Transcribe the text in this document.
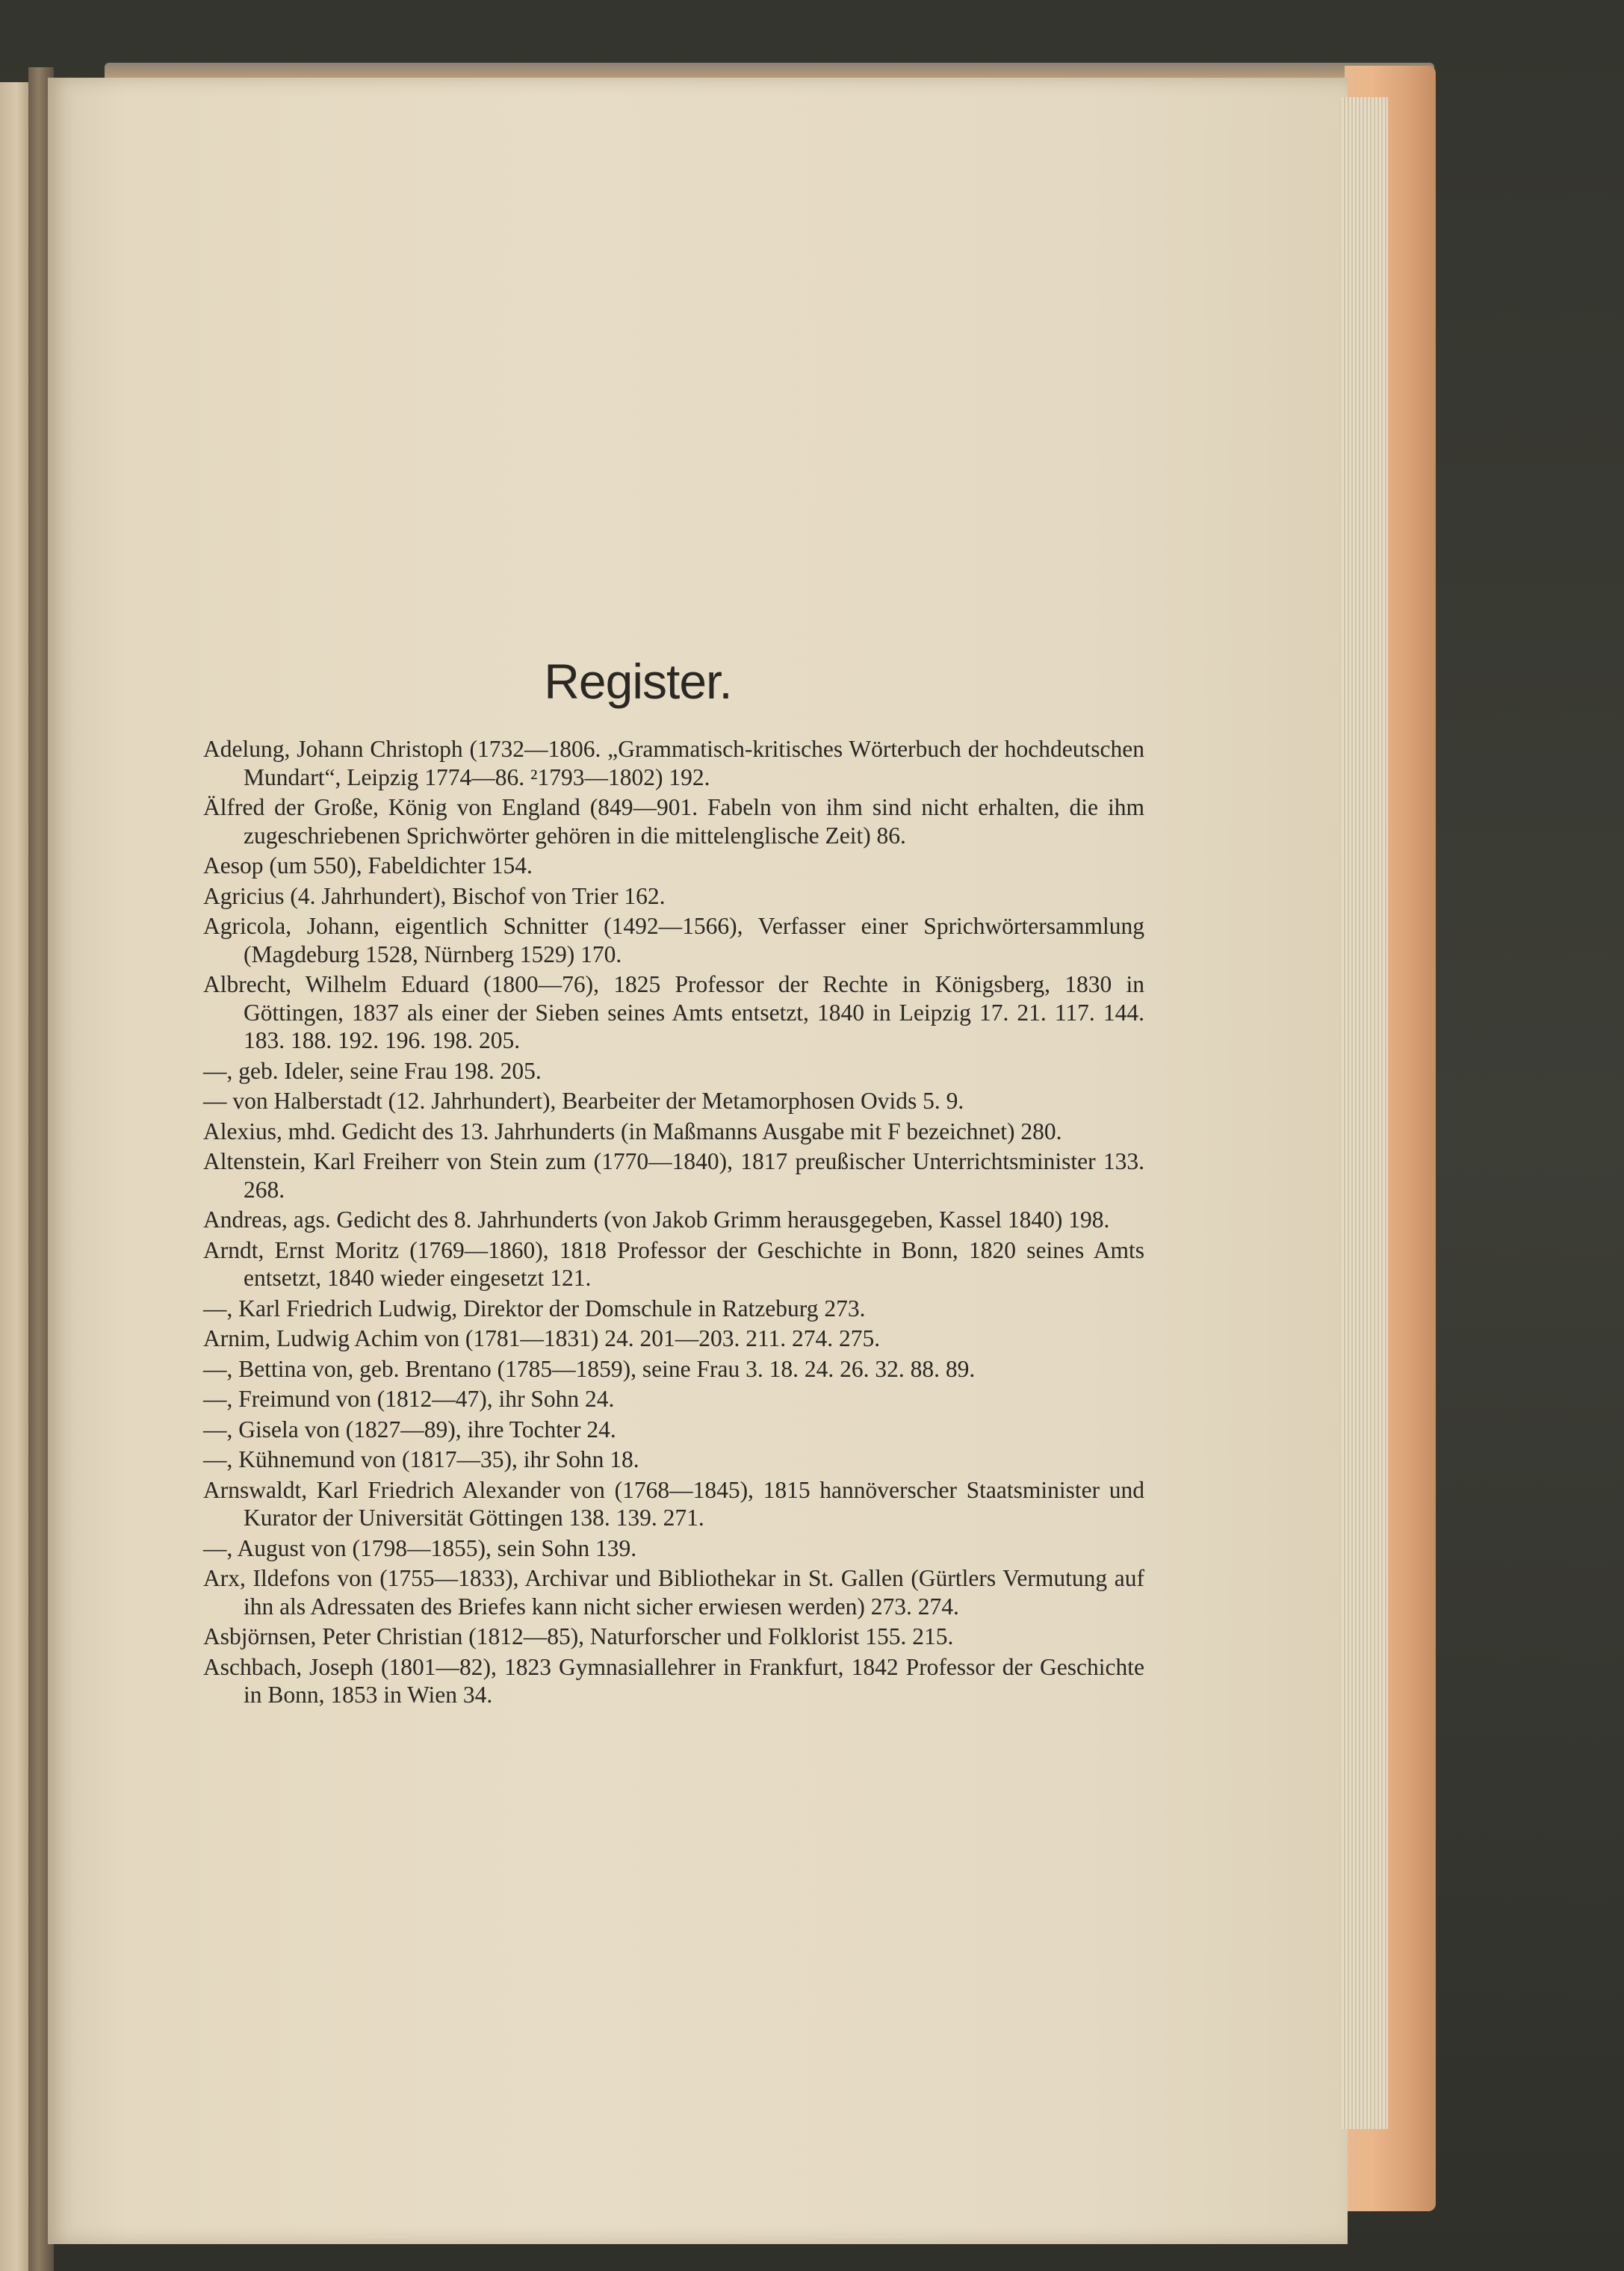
Register.
Adelung, Johann Christoph (1732—1806. „Grammatisch-kritisches Wörterbuch der hochdeutschen Mundart“, Leipzig 1774—86. ²1793—1802) 192.
Älfred der Große, König von England (849—901. Fabeln von ihm sind nicht erhalten, die ihm zugeschriebenen Sprichwörter gehören in die mittelenglische Zeit) 86.
Aesop (um 550), Fabeldichter 154.
Agricius (4. Jahrhundert), Bischof von Trier 162.
Agricola, Johann, eigentlich Schnitter (1492—1566), Verfasser einer Sprichwörtersammlung (Magdeburg 1528, Nürnberg 1529) 170.
Albrecht, Wilhelm Eduard (1800—76), 1825 Professor der Rechte in Königsberg, 1830 in Göttingen, 1837 als einer der Sieben seines Amts entsetzt, 1840 in Leipzig 17. 21. 117. 144. 183. 188. 192. 196. 198. 205.
—, geb. Ideler, seine Frau 198. 205.
— von Halberstadt (12. Jahrhundert), Bearbeiter der Metamorphosen Ovids 5. 9.
Alexius, mhd. Gedicht des 13. Jahrhunderts (in Maßmanns Ausgabe mit F bezeichnet) 280.
Altenstein, Karl Freiherr von Stein zum (1770—1840), 1817 preußischer Unterrichtsminister 133. 268.
Andreas, ags. Gedicht des 8. Jahrhunderts (von Jakob Grimm herausgegeben, Kassel 1840) 198.
Arndt, Ernst Moritz (1769—1860), 1818 Professor der Geschichte in Bonn, 1820 seines Amts entsetzt, 1840 wieder eingesetzt 121.
—, Karl Friedrich Ludwig, Direktor der Domschule in Ratzeburg 273.
Arnim, Ludwig Achim von (1781—1831) 24. 201—203. 211. 274. 275.
—, Bettina von, geb. Brentano (1785—1859), seine Frau 3. 18. 24. 26. 32. 88. 89.
—, Freimund von (1812—47), ihr Sohn 24.
—, Gisela von (1827—89), ihre Tochter 24.
—, Kühnemund von (1817—35), ihr Sohn 18.
Arnswaldt, Karl Friedrich Alexander von (1768—1845), 1815 hannöverscher Staatsminister und Kurator der Universität Göttingen 138. 139. 271.
—, August von (1798—1855), sein Sohn 139.
Arx, Ildefons von (1755—1833), Archivar und Bibliothekar in St. Gallen (Gürtlers Vermutung auf ihn als Adressaten des Briefes kann nicht sicher erwiesen werden) 273. 274.
Asbjörnsen, Peter Christian (1812—85), Naturforscher und Folklorist 155. 215.
Aschbach, Joseph (1801—82), 1823 Gymnasiallehrer in Frankfurt, 1842 Professor der Geschichte in Bonn, 1853 in Wien 34.
